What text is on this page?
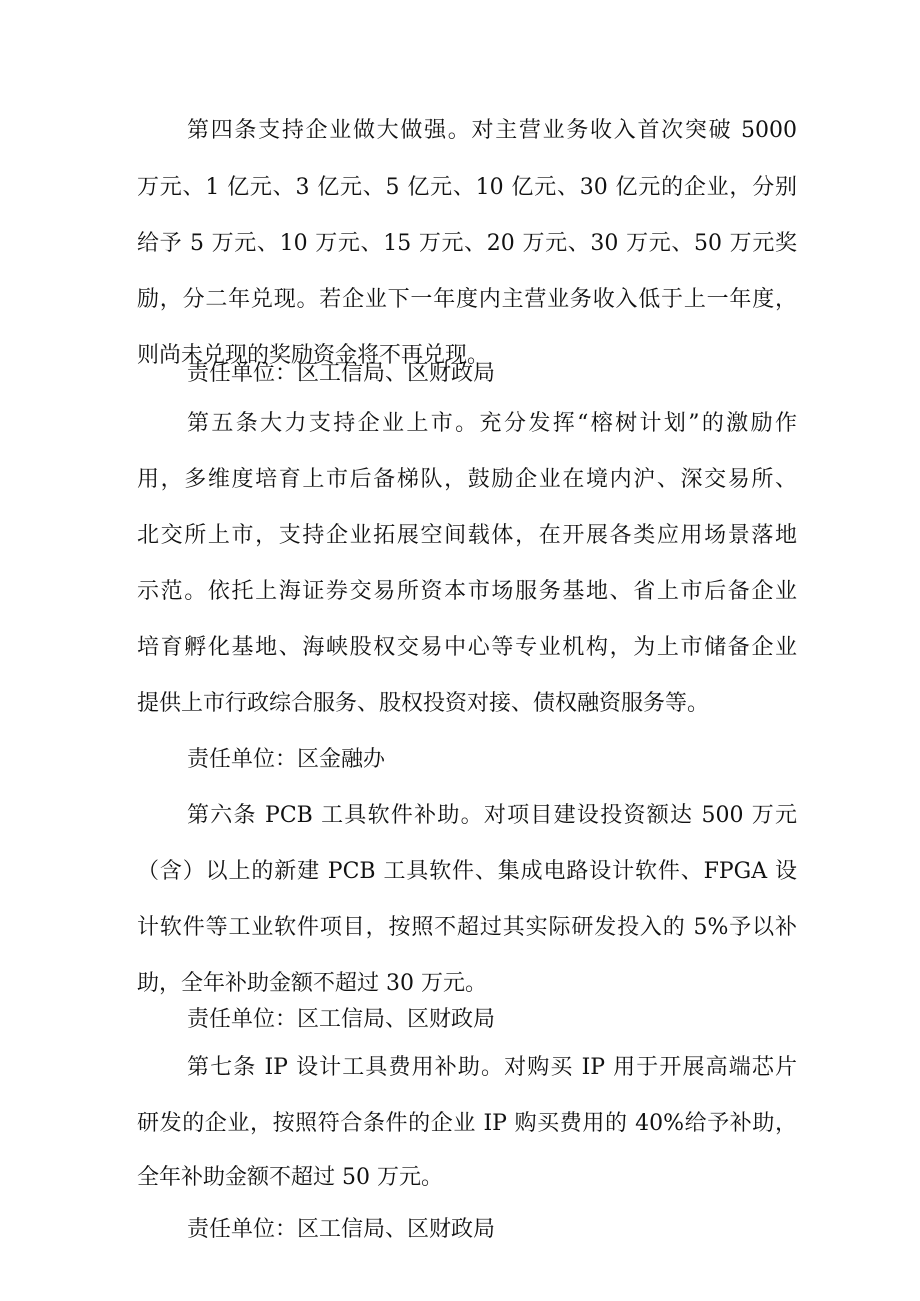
第四条支持企业做大做强。对主营业务收入首次突破 5000
万元、1 亿元、3 亿元、5 亿元、10 亿元、30 亿元的企业，分别
给予 5 万元、10 万元、15 万元、20 万元、30 万元、50 万元奖
励，分二年兑现。若企业下一年度内主营业务收入低于上一年度，
则尚未兑现的奖励资金将不再兑现。
责任单位：区工信局、区财政局
第五条大力支持企业上市。充分发挥“榕树计划”的激励作
用，多维度培育上市后备梯队，鼓励企业在境内沪、深交易所、
北交所上市，支持企业拓展空间载体，在开展各类应用场景落地
示范。依托上海证券交易所资本市场服务基地、省上市后备企业
培育孵化基地、海峡股权交易中心等专业机构，为上市储备企业
提供上市行政综合服务、股权投资对接、债权融资服务等。
责任单位：区金融办
第六条 PCB 工具软件补助。对项目建设投资额达 500 万元
（含）以上的新建 PCB 工具软件、集成电路设计软件、FPGA 设
计软件等工业软件项目，按照不超过其实际研发投入的 5%予以补
助，全年补助金额不超过 30 万元。
责任单位：区工信局、区财政局
第七条 IP 设计工具费用补助。对购买 IP 用于开展高端芯片
研发的企业，按照符合条件的企业 IP 购买费用的 40%给予补助，
全年补助金额不超过 50 万元。
责任单位：区工信局、区财政局
